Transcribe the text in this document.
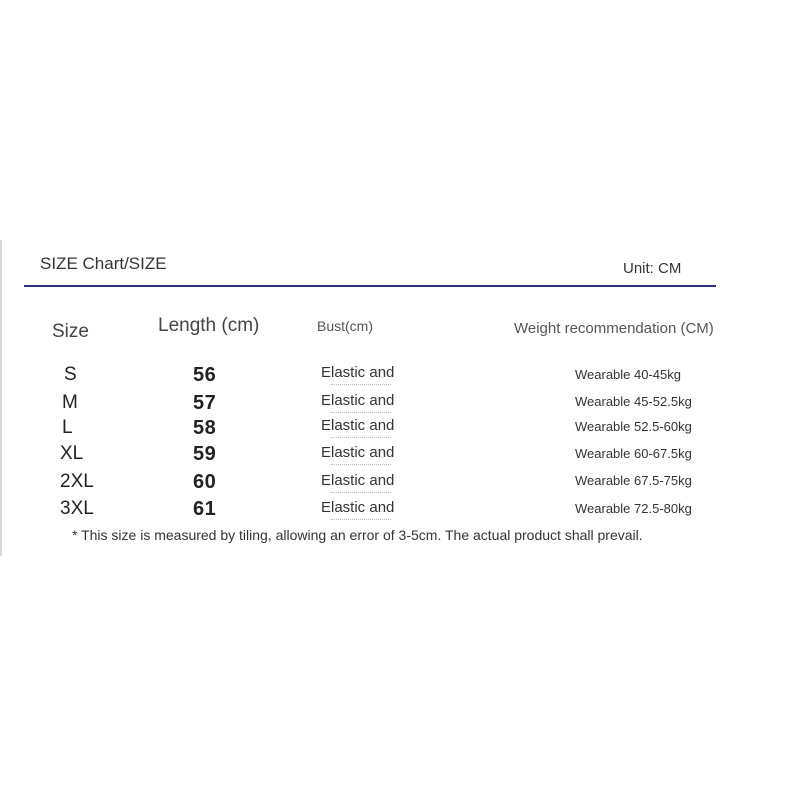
SIZE Chart/SIZE	Unit: CM
Size	Length (cm)	Bust(cm)	Weight recommendation (CM)
S	56	Elastic and	Wearable 40-45kg
M	57	Elastic and	Wearable 45-52.5kg
L	58	Elastic and	Wearable 52.5-60kg
XL	59	Elastic and	Wearable 60-67.5kg
2XL	60	Elastic and	Wearable 67.5-75kg
3XL	61	Elastic and	Wearable 72.5-80kg
* This size is measured by tiling, allowing an error of 3-5cm. The actual product shall prevail.
